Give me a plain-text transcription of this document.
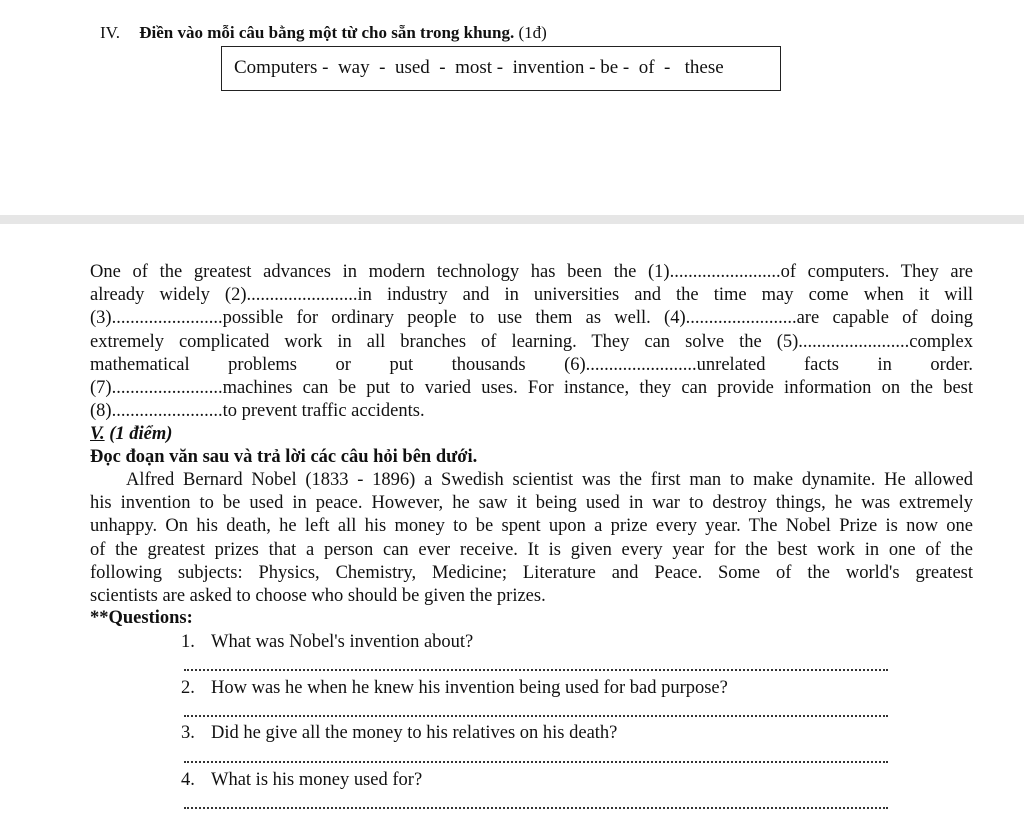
IV. Điền vào mỗi câu bằng một từ cho sẵn trong khung. (1đ)
Computers -  way  -  used  -  most -  invention - be -  of  -   these
One of the greatest advances in modern technology has been the (1)........................of computers. They are
already widely (2)........................in industry and in universities and the time may come when it will
(3)........................possible for ordinary people to use them as well. (4)........................are capable of doing
extremely complicated work in all branches of learning. They can solve the (5)........................complex
mathematical problems or put thousands (6)........................unrelated facts in order.
(7)........................machines can be put to varied uses. For instance, they can provide information on the best
(8)........................to prevent traffic accidents.
V. (1 điểm)
Đọc đoạn văn sau và trả lời các câu hỏi bên dưới.
Alfred Bernard Nobel (1833 - 1896) a Swedish scientist was the first man to make dynamite. He allowed
his invention to be used in peace. However, he saw it being used in war to destroy things, he was extremely
unhappy. On his death, he left all his money to be spent upon a prize every year. The Nobel Prize is now one
of the greatest prizes that a person can ever receive. It is given every year for the best work in one of the
following subjects: Physics, Chemistry, Medicine; Literature and Peace. Some of the world's greatest
scientists are asked to choose who should be given the prizes.
**Questions:
1. What was Nobel's invention about?
2. How was he when he knew his invention being used for bad purpose?
3. Did he give all the money to his relatives on his death?
4. What is his money used for?
